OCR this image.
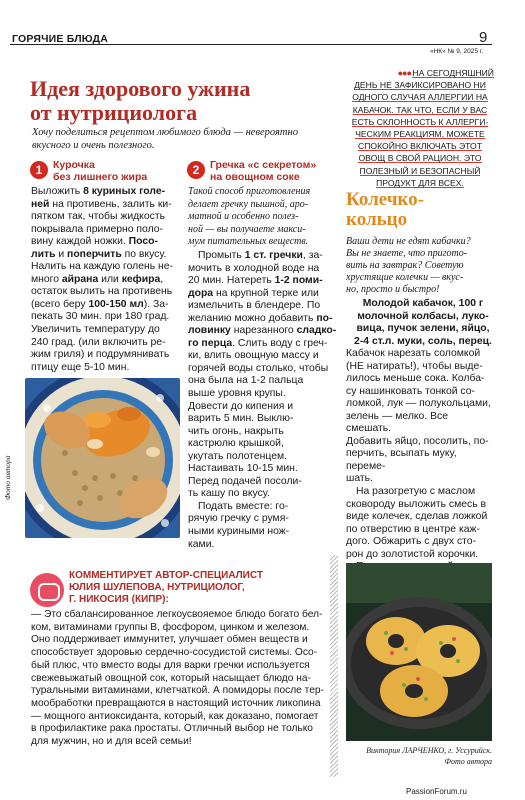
ГОРЯЧИЕ БЛЮДА	9
«НК» № 9, 2025 г.
Идея здорового ужина
от нутрициолога
Хочу поделиться рецептом любимого блюда — невероятно
вкусного и очень полезного.
1	Курочка
без лишнего жира
Выложить 8 куриных голе-
ней на противень, залить ки-
пятком так, чтобы жидкость
покрывала примерно поло-
вину каждой ножки. Посо-
лить и поперчить по вкусу.
Налить на каждую голень не-
много айрана или кефира,
остаток вылить на противень
(всего беру 100-150 мл). За-
пекать 30 мин. при 180 град.
Увеличить температуру до
240 град. (или включить ре-
жим гриля) и подрумянивать
птицу еще 5-10 мин.
2	Гречка «с секретом»
на овощном соке
Такой способ приготовления
делает гречку пышной, аро-
матной и особенно полез-
ной — вы получаете макси-
мум питательных веществ.
Промыть 1 ст. гречки, за-
мочить в холодной воде на
20 мин. Натереть 1-2 поми-
дора на крупной терке или
измельчить в блендере. По
желанию можно добавить по-
ловинку нарезанного сладко-
го перца. Слить воду с греч-
ки, влить овощную массу и
горячей воды столько, чтобы
она была на 1-2 пальца
выше уровня крупы.
Довести до кипения и
варить 5 мин. Выклю-
чить огонь, накрыть
кастрюлю крышкой,
укутать полотенцем.
Настаивать 10-15 мин.
Перед подачей посоли-
ть кашу по вкусу.
Подать вместе: го-
рячую гречку с румя-
ными куриными нож-
ками.
Фото автора
●●● НА СЕГОДНЯШНИЙ
ДЕНЬ НЕ ЗАФИКСИРОВАНО НИ
ОДНОГО СЛУЧАЯ АЛЛЕРГИИ НА
КАБАЧОК. ТАК ЧТО, ЕСЛИ У ВАС
ЕСТЬ СКЛОННОСТЬ К АЛЛЕРГИ-
ЧЕСКИМ РЕАКЦИЯМ, МОЖЕТЕ
СПОКОЙНО ВКЛЮЧАТЬ ЭТОТ
ОВОЩ В СВОЙ РАЦИОН. ЭТО
ПОЛЕЗНЫЙ И БЕЗОПАСНЫЙ
ПРОДУКТ ДЛЯ ВСЕХ.
Колечко-
кольцо
Ваши дети не едят кабачки?
Вы не знаете, что пригото-
вить на завтрак? Советую
хрустящие колечки — вкус-
но, просто и быстро!
Молодой кабачок, 100 г
молочной колбасы, луко-
вица, пучок зелени, яйцо,
2-4 ст.л. муки, соль, перец.
Кабачок нарезать соломкой
(НЕ натирать!), чтобы выде-
лилось меньше сока. Колба-
су нашинковать тонкой со-
ломкой, лук — полукольцами,
зелень — мелко. Все смешать.
Добавить яйцо, посолить, по-
перчить, всыпать муку, переме-
шать.
На разогретую с маслом
сковороду выложить смесь в
виде колечек, сделав ложкой
по отверстию в центре каж-
дого. Обжарить с двух сто-
рон до золотистой корочки.
Виктория ЛАРЧЕНКО, г. Уссурийск.
Фото автора
КОММЕНТИРУЕТ АВТОР-СПЕЦИАЛИСТ
ЮЛИЯ ШУЛЕПОВА, НУТРИЦИОЛОГ,
Г. НИКОСИЯ (КИПР):
— Это сбалансированное легкоусвояемое блюдо богато бел-
ком, витаминами группы В, фосфором, цинком и железом.
Оно поддерживает иммунитет, улучшает обмен веществ и
способствует здоровью сердечно-сосудистой системы. Осо-
бый плюс, что вместо воды для варки гречки используется
свежевыжатый овощной сок, который насыщает блюдо на-
туральными витаминами, клетчаткой. А помидоры после тер-
мообработки превращаются в настоящий источник ликопина
— мощного антиоксиданта, который, как доказано, помогает
в профилактике рака простаты. Отличный выбор не только
для мужчин, но и для всей семьи!
PassionForum.ru
